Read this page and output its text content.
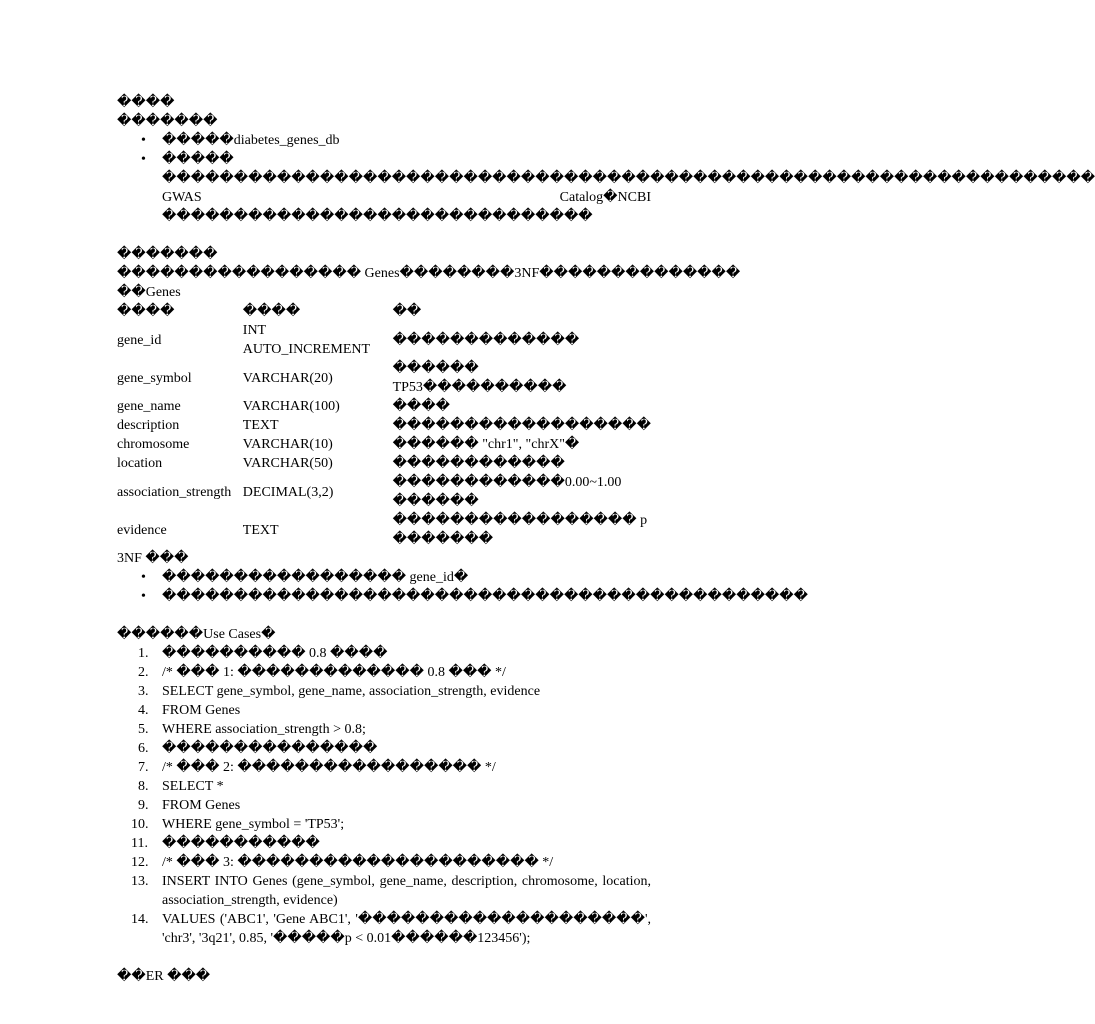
����
�������
• �����diabetes_genes_db
• �����
����������������������������������������������������������������� GWAS Catalog�NCBI ������������������������������
�������
����������������� Genes��������3NF��������������
��Genes
����	����	��
gene_id	INT AUTO_INCREMENT	�������������
gene_symbol	VARCHAR(20)	������ TP53����������
gene_name	VARCHAR(100)	����
description	TEXT	������������������
chromosome	VARCHAR(10)	������ "chr1", "chrX"�
location	VARCHAR(50)	������������
association_strength	DECIMAL(3,2)	������������0.00~1.00 ������
evidence	TEXT	����������������� p �������
3NF ���
• ����������������� gene_id�
• ���������������������������������������������
������Use Cases�
1. ���������� 0.8 ����
2. /* ��� 1: ������������� 0.8 ��� */
3. SELECT gene_symbol, gene_name, association_strength, evidence
4. FROM Genes
5. WHERE association_strength > 0.8;
6. ���������������
7. /* ��� 2: ����������������� */
8. SELECT *
9. FROM Genes
10. WHERE gene_symbol = 'TP53';
11.	�����������
12. /* ��� 3: ��������������������� */
13. INSERT INTO Genes (gene_symbol, gene_name, description, chromosome, location, association_strength, evidence)
14. VALUES ('ABC1', 'Gene ABC1', '��������������������', 'chr3', '3q21', 0.85, '�����p < 0.01������123456');
��ER ���
